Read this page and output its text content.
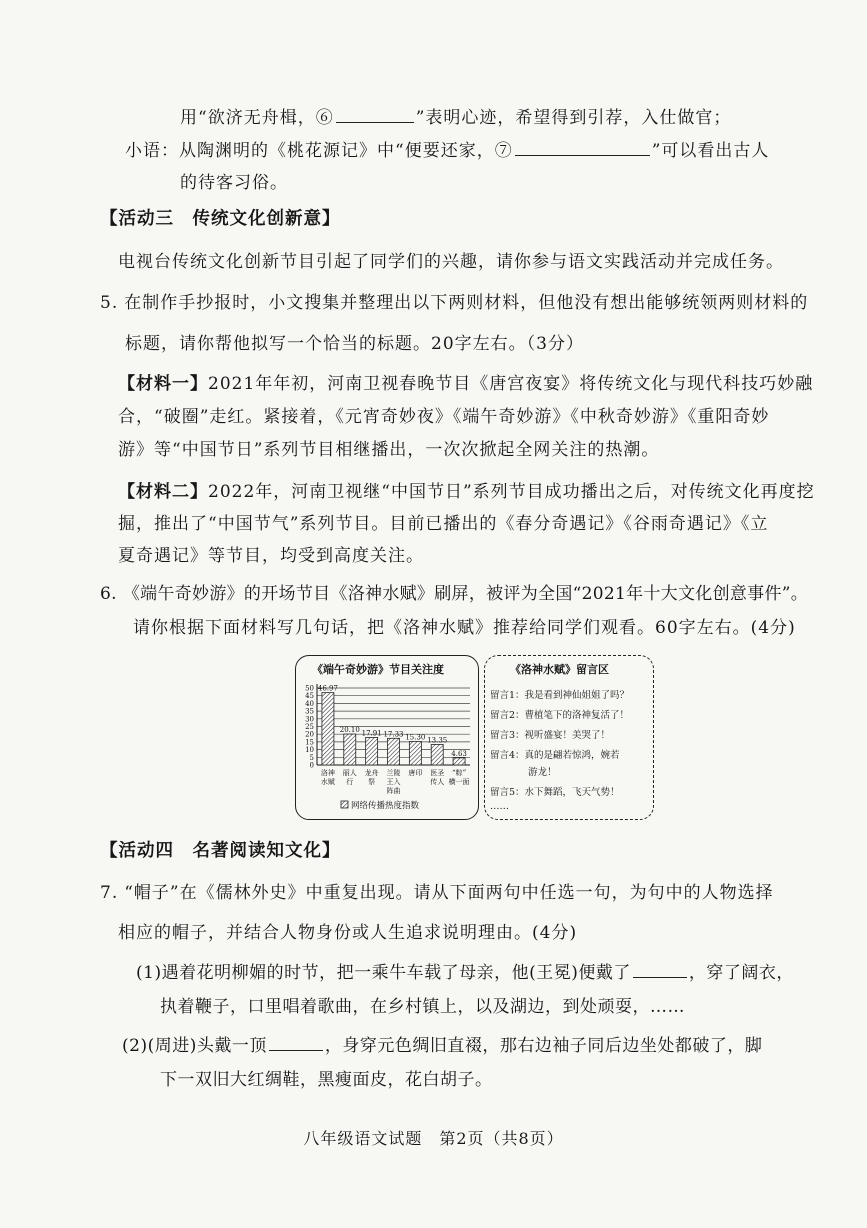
用“欲济无舟楫，⑥	”表明心迹，希望得到引荐，入仕做官；
小语：从陶渊明的《桃花源记》中“便要还家，⑦	”可以看出古人
的待客习俗。
【活动三　传统文化创新意】
电视台传统文化创新节目引起了同学们的兴趣，请你参与语文实践活动并完成任务。
5. 在制作手抄报时，小文搜集并整理出以下两则材料，但他没有想出能够统领两则材料的
标题，请你帮他拟写一个恰当的标题。20字左右。（3分）
【材料一】2021年年初，河南卫视春晚节目《唐宫夜宴》将传统文化与现代科技巧妙融
合，“破圈”走红。紧接着，《元宵奇妙夜》《端午奇妙游》《中秋奇妙游》《重阳奇妙
游》等“中国节日”系列节目相继播出，一次次掀起全网关注的热潮。
【材料二】2022年，河南卫视继“中国节日”系列节目成功播出之后，对传统文化再度挖
掘，推出了“中国节气”系列节目。目前已播出的《春分奇遇记》《谷雨奇遇记》《立
夏奇遇记》等节目，均受到高度关注。
6. 《端午奇妙游》的开场节目《洛神水赋》刷屏，被评为全国“2021年十大文化创意事件”。
请你根据下面材料写几句话，把《洛神水赋》推荐给同学们观看。60字左右。(4分)
《端午奇妙游》节目关注度
50
45
40
35
30
25
20
15
10
5
0
46.97
洛神
水赋
20.10
丽人
行
17.91
龙舟
祭
17.33
兰陵
王入
阵曲
15.30
唐印
13.35
医圣
传人
4.63
“粽”
横一面
网络传播热度指数
《洛神水赋》留言区
留言1：我是看到神仙姐姐了吗？
留言2：曹植笔下的洛神复活了！
留言3：视听盛宴！美哭了！
留言4：真的是翩若惊鸿，婉若
游龙！
留言5：水下舞蹈，飞天气势！
……
【活动四　名著阅读知文化】
7. “帽子”在《儒林外史》中重复出现。请从下面两句中任选一句，为句中的人物选择
相应的帽子，并结合人物身份或人生追求说明理由。(4分)
(1)遇着花明柳媚的时节，把一乘牛车载了母亲，他(王冕)便戴了	，穿了阔衣，
执着鞭子，口里唱着歌曲，在乡村镇上，以及湖边，到处顽耍，……
(2)(周进)头戴一顶	，身穿元色绸旧直裰，那右边袖子同后边坐处都破了，脚
下一双旧大红绸鞋，黑瘦面皮，花白胡子。
八年级语文试题　第2页（共8页）
